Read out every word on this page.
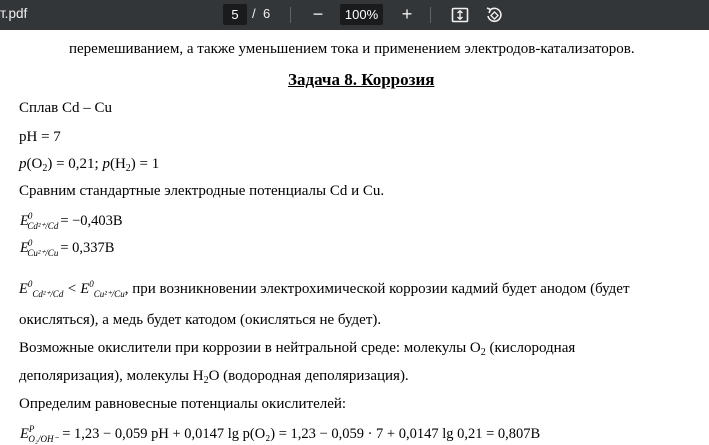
т.pdf	5	/ 6 −	100% +
перемешиванием, а также уменьшением тока и применением электродов-катализаторов.
Задача 8. Коррозия
Сплав Cd – Cu
pH = 7
$p(O_2) = 0,21$; $p(H_2) = 1$
Сравним стандартные электродные потенциалы Cd и Cu.
$E^0_{Cd^{2+}/Cd} = -0,403B$
$E^0_{Cu^{2+}/Cu} = 0,337B$
$E^0_{Cd^{2+}/Cd} < E^0_{Cu^{2+}/Cu}$, при возникновении электрохимической коррозии кадмий будет анодом (будет
окисляться), а медь будет катодом (окисляться не будет).
Возможные окислители при коррозии в нейтральной среде: молекулы $O_2$ (кислородная
деполяризация), молекулы $H_2O$ (водородная деполяризация).
Определим равновесные потенциалы окислителей:
$E^P_{O_2/OH^-} = 1,23 - 0,059$ pH + 0,0147 lg p(O₂) = 1,23 − 0,059 · 7 + 0,0147 lg 0,21 = 0,807B
